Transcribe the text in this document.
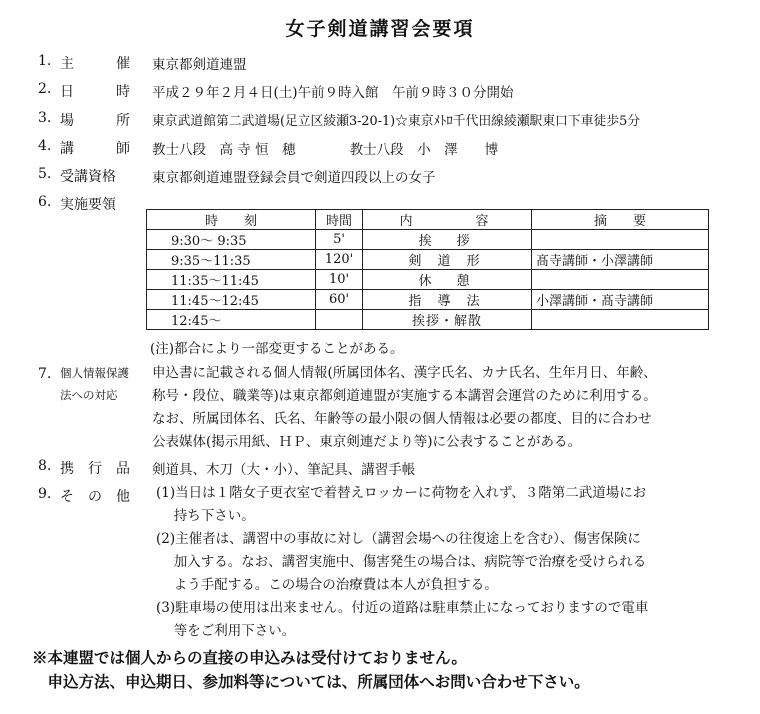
女子剣道講習会要項
1. 主　　　催 東京都剣道連盟
2. 日　　　時 平成２９年２月４日(土)午前９時入館　午前９時３０分開始
3. 場　　　所 東京武道館第二武道場(足立区綾瀬3-20-1)☆東京ﾒﾄﾛ千代田線綾瀬駅東口下車徒歩5分
4. 講　　　師 教士八段　高 寺 恒　穂　　　　教士八段　小　澤　　博
5. 受講資格	東京都剣道連盟登録会員で剣道四段以上の女子
6. 実施要領
時　　刻	時間	内　　　容	摘　　要
9:30～ 9:35	5'	挨　拶	
9:35～11:35	120'	剣 道 形	髙寺講師・小澤講師
11:35～11:45	10'	休　憩	
11:45～12:45	60'	指 導 法	小澤講師・髙寺講師
12:45～		挨拶・解散	
(注)都合により一部変更することがある。
7. 個人情報保護
法への対応
申込書に記載される個人情報(所属団体名、漢字氏名、カナ氏名、生年月日、年齢、
称号・段位、職業等)は東京都剣道連盟が実施する本講習会運営のために利用する。
なお、所属団体名、氏名、年齢等の最小限の個人情報は必要の都度、目的に合わせ
公表媒体(掲示用紙、ＨＰ、東京剣連だより等)に公表することがある。
8. 携　行　品 剣道具、木刀（大・小）、筆記具、講習手帳
9. そ　の　他 (1)当日は１階女子更衣室で着替えロッカーに荷物を入れず、３階第二武道場にお
　 持ち下さい。
(2)主催者は、講習中の事故に対し（講習会場への往復途上を含む）、傷害保険に
　 加入する。なお、講習実施中、傷害発生の場合は、病院等で治療を受けられる
　 よう手配する。この場合の治療費は本人が負担する。
(3)駐車場の使用は出来ません。付近の道路は駐車禁止になっておりますので電車
　 等をご利用下さい。
※本連盟では個人からの直接の申込みは受付けておりません。
　申込方法、申込期日、参加料等については、所属団体へお問い合わせ下さい。
